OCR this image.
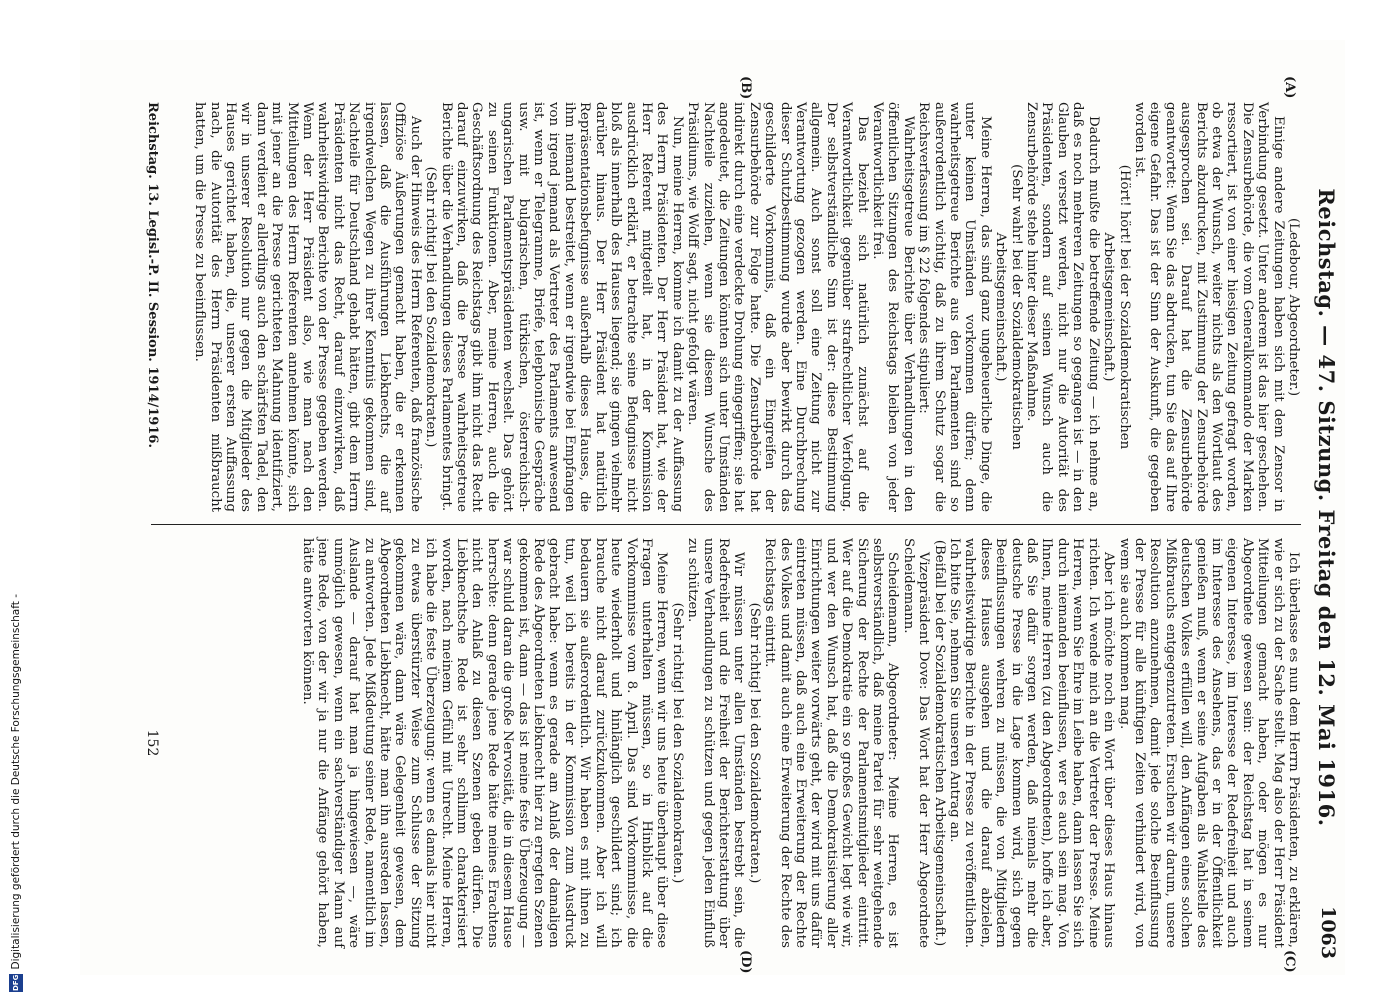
Reichstag. — 47. Sitzung. Freitag den 12. Mai 1916.
1063
(A)
(B)
(C)
(D)

(Ledebour, Abgeordneter.)

Einige andere Zeitungen haben sich mit dem Zensor in Verbindung gesetzt. Unter anderem ist das hier geschehen. Die Zensurbehörde, die vom Generalkommando der Marken ressortiert, ist von einer hiesigen Zeitung gefragt worden, ob etwa der Wunsch, weiter nichts als den Wortlaut des Berichts abzudrucken, mit Zustimmung der Zensurbehörde ausgesprochen sei. Darauf hat die Zensurbehörde geantwortet: Wenn Sie das abdrucken, tun Sie das auf Ihre eigene Gefahr. Das ist der Sinn der Auskunft, die gegeben worden ist.

(Hört! hört! bei der Sozialdemokratischen Arbeitsgemeinschaft.)

Dadurch mußte die betreffende Zeitung — ich nehme an, daß es noch mehreren Zeitungen so gegangen ist — in den Glauben versetzt werden, nicht nur die Autorität des Präsidenten, sondern auf seinen Wunsch auch die Zensurbehörde stehe hinter dieser Maßnahme.

(Sehr wahr! bei der Sozialdemokratischen Arbeitsgemeinschaft.)

Meine Herren, das sind ganz ungeheuerliche Dinge, die unter keinen Umständen vorkommen dürfen; denn wahrheitsgetreue Berichte aus den Parlamenten sind so außerordentlich wichtig, daß zu ihrem Schutz sogar die Reichsverfassung im § 22 folgendes stipuliert:

Wahrheitsgetreue Berichte über Verhandlungen in den öffentlichen Sitzungen des Reichstags bleiben von jeder Verantwortlichkeit frei.

Das bezieht sich natürlich zunächst auf die Verantwortlichkeit gegenüber strafrechtlicher Verfolgung. Der selbstverständliche Sinn ist der: diese Bestimmung allgemein. Auch sonst soll eine Zeitung nicht zur Verantwortung gezogen werden. Eine Durchbrechung dieser Schutzbestimmung wurde aber bewirkt durch das geschilderte Vorkommnis, daß ein Eingreifen der Zensurbehörde zur Folge hatte. Die Zensurbehörde hat indirekt durch eine verdeckte Drohung eingegriffen; sie hat angedeutet, die Zeitungen könnten sich unter Umständen Nachteile zuziehen, wenn sie diesem Wunsche des Präsidiums, wie Wolff sagt, nicht gefolgt wären.

Nun, meine Herren, komme ich damit zu der Auffassung des Herrn Präsidenten. Der Herr Präsident hat, wie der Herr Referent mitgeteilt hat, in der Kommission ausdrücklich erklärt, er betrachte seine Befugnisse nicht bloß als innerhalb des Hauses liegend; sie gingen vielmehr darüber hinaus. Der Herr Präsident hat natürlich Repräsentationsbefugnisse außerhalb dieses Hauses, die ihm niemand bestreitet, wenn er irgendwie bei Empfangen von irgend jemand als Vertreter des Parlaments anwesend ist, wenn er Telegramme, Briefe, telephonische Gespräche usw. mit bulgarischen, türkischen, österreichisch-ungarischen Parlamentspräsidenten wechselt. Das gehört zu seinen Funktionen. Aber, meine Herren, auch die Geschäftsordnung des Reichstags gibt ihm nicht das Recht darauf einzuwirken, daß die Presse wahrheitsgetreue Berichte über die Verhandlungen dieses Parlamentes bringt.

(Sehr richtig! bei den Sozialdemokraten.)

Auch der Hinweis des Herrn Referenten, daß französische Offiziöse Äußerungen gemacht haben, die er erkennen lassen, daß die Ausführungen Liebknechts, die auf irgendwelchen Wegen zu ihrer Kenntnis gekommen sind, Nachteile für Deutschland gehabt hätten, gibt dem Herrn Präsidenten nicht das Recht, darauf einzuwirken, daß wahrheitswidrige Berichte von der Presse gegeben werden. Wenn der Herr Präsident also, wie man nach den Mitteilungen des Herrn Referenten annehmen könnte, sich mit jener an die Presse gerichteten Mahnung identifiziert, dann verdient er allerdings auch den schärfsten Tadel, den wir in unserer Resolution nur gegen die Mitglieder des Hauses gerichtet haben, die, unserer ersten Auffassung nach, die Autorität des Herrn Präsidenten mißbraucht hatten, um die Presse zu beeinflussen.

Ich überlasse es nun dem Herrn Präsidenten, zu erklären, wie er sich zu der Sache stellt. Mag also der Herr Präsident Mitteilungen gemacht haben, oder mögen es nur Abgeordnete gewesen sein: der Reichstag hat in seinem eigenen Interesse, im Interesse der Redefreiheit und auch im Interesse des Ansehens, das er in der Öffentlichkeit genießen muß, wenn er seine Aufgaben als Wahlstelle des deutschen Volkes erfüllen will, den Anfängen eines solchen Mißbrauchs entgegenzutreten. Ersuchen wir darum, unsere Resolution anzunehmen, damit jede solche Beeinflussung der Presse für alle künftigen Zeiten verhindert wird, von wem sie auch kommen mag.

Aber ich möchte noch ein Wort über dieses Haus hinaus richten. Ich wende mich an die Vertreter der Presse. Meine Herren, wenn Sie Ehre im Leibe haben, dann lassen Sie sich durch niemanden beeinflussen, wer es auch sein mag. Von Ihnen, meine Herren (zu den Abgeordneten), hoffe ich aber, daß Sie dafür sorgen werden, daß niemals mehr die deutsche Presse in die Lage kommen wird, sich gegen Beeinflussungen wehren zu müssen, die von Mitgliedern dieses Hauses ausgehen und die darauf abzielen, wahrheitswidrige Berichte in der Presse zu veröffentlichen. Ich bitte Sie, nehmen Sie unseren Antrag an.

(Beifall bei der Sozialdemokratischen Arbeitsgemeinschaft.)

Vizepräsident Dove: Das Wort hat der Herr Abgeordnete Scheidemann.

Scheidemann, Abgeordneter: Meine Herren, es ist selbstverständlich, daß meine Partei für sehr weitgehende Sicherung der Rechte der Parlamentsmitglieder eintritt. Wer auf die Demokratie ein so großes Gewicht legt wie wir, und wer den Wunsch hat, daß die Demokratisierung aller Einrichtungen weiter vorwärts geht, der wird mit uns dafür eintreten müssen, daß auch eine Erweiterung der Rechte des Volkes und damit auch eine Erweiterung der Rechte des Reichstags eintritt.

(Sehr richtig! bei den Sozialdemokraten.)

Wir müssen unter allen Umständen bestrebt sein, die Redefreiheit und die Freiheit der Berichterstattung über unsere Verhandlungen zu schützen und gegen jeden Einfluß zu schützen.

(Sehr richtig! bei den Sozialdemokraten.)

Meine Herren, wenn wir uns heute überhaupt über diese Fragen unterhalten müssen, so in Hinblick auf die Vorkommnisse vom 8. April. Das sind Vorkommnisse, die heute wiederholt und hinlänglich geschildert sind; ich brauche nicht darauf zurückzukommen. Aber ich will bedauern sie außerordentlich. Wir haben es mit ihnen zu tun, weil ich bereits in der Kommission zum Ausdruck gebracht habe: wenn es gerade am Anlaß der damaligen Rede des Abgeordneten Liebknecht hier zu erregten Szenen gekommen ist, dann — das ist meine feste Überzeugung — war schuld daran die große Nervosität, die in diesem Hause herrschte: denn gerade jene Rede hätte meines Erachtens nicht den Anlaß zu diesen Szenen geben dürfen. Die Liebknechtsche Rede ist sehr schlimm charakterisiert worden, nach meinem Gefühl mit Unrecht. Meine Herren, ich habe die feste Überzeugung: wenn es damals hier nicht zu etwas überstürzter Weise zum Schlusse der Sitzung gekommen wäre, dann wäre Gelegenheit gewesen, dem Abgeordneten Liebknecht, hätte man ihn ausreden lassen, zu antworten. Jede Mißdeutung seiner Rede, namentlich im Auslande — darauf hat man ja hingewiesen —, wäre unmöglich gewesen, wenn ein sachverständiger Mann auf jene Rede, von der wir ja nur die Anfänge gehört haben, hätte antworten können.

Reichstag. 13. Legisl.-P. II. Session. 1914/1916.
152
Digitalisierung gefördert durch die Deutsche Forschungsgemeinschaft -
DFG
